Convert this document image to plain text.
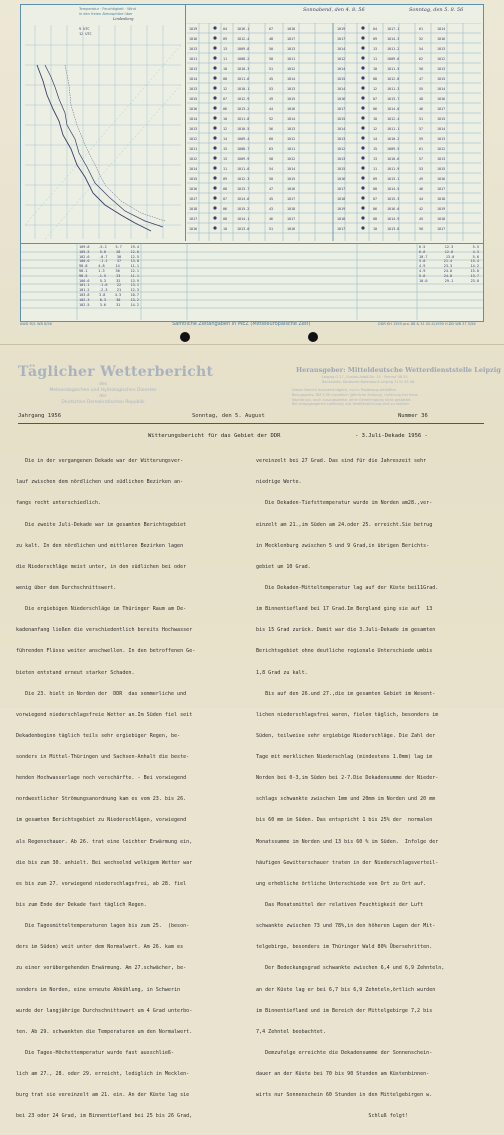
Temperatur · Feuchtigkeit · Wind
in den freien Atmosphäre über
Lindenberg
9 UTC
12 UTC
Sonnabend, den 4. 8. 56	Sonntag, den 5. 8. 56
1019	04	1016.1	67	1018	1019	04	1017.1	61	1014
1016	09	1012.4	48	1017	1017	09	1014.3	52	1016
1013	13	1009.8	50	1013	1014	13	1011.2	54	1013
1011	11	1008.2	58	1011	1012	11	1009.6	62	1012
1013	10	1010.3	51	1012	1014	10	1011.5	50	1013
1014	08	1011.6	45	1014	1015	08	1012.8	47	1015
1013	12	1010.1	53	1013	1014	12	1011.3	55	1014
1015	07	1012.9	49	1015	1016	07	1013.7	48	1016
1016	06	1013.2	44	1016	1017	06	1014.0	46	1017
1014	10	1011.8	52	1014	1015	10	1012.4	51	1015
1013	12	1010.5	56	1013	1014	12	1011.1	57	1014
1012	14	1009.4	60	1012	1013	14	1010.2	59	1013
1011	15	1008.7	63	1011	1012	15	1009.5	61	1012
1012	13	1009.9	58	1012	1013	13	1010.6	57	1013
1014	11	1011.0	54	1014	1015	11	1011.9	53	1015
1015	09	1012.3	50	1015	1016	09	1013.1	49	1016
1016	08	1013.7	47	1016	1017	08	1014.5	46	1017
1017	07	1014.6	45	1017	1018	07	1015.3	44	1018
1018	06	1015.2	43	1018	1019	06	1016.0	42	1019
1017	08	1014.1	46	1017	1018	08	1014.9	45	1018
1016	10	1013.0	51	1016	1017	10	1013.8	50	1017
109.8	-5.2	5.7	19.4
105.5	5.0	28	12.0
102.6	-0.7	30	12.5
100.0	-1.1	37	13.8
98.8	4.8	14	11.1
98.1	1.3	30	12.1
98.5	-1.5	23	11.1
100.6	5.3	32	13.9
101.1	-1.6	22	13.1
101.2	-2.3	21	12.3
103.8	3.8	4.3	10.7
102.3	0.3	30	13.2
102.5	3.6	31	14.2
6.5	12.3	5.5
6.6	12.6	4.3
10.7	13.0	5.6
5.0	21.4	15.4
4.9	23.3	14.2
4.9	24.0	15.0
5.6	24.0	13.7
10.0	29.1	23.0
AWD M/1 WB 8/56	Sämtliche Zeitangaben in MEZ (Mitteleuropäische Zeit)	DDR KH 1559 pro. 88 & 31 00 A/1950 H.DD WB 37 5/56
Täglicher Wetterbericht
des
Meteorologischen und Hydrologischen Dienstes
der
Deutschen Demokratischen Republik
Herausgeber: Mitteldeutsche Wetterdienststelle Leipzig
Leipzig O 27, Gustav-Adolf-Str. 14 · Fernruf 48 53
Bankkonto: Deutsche Notenbank Leipzig 7131 35 08
Dieser Bericht erscheint täglich, nur in Postbezug erhältlich.
Bezugspreis: DM 5.50 monatlich (jährliche Zeitung), Lieferung frei Haus
Nachdruck, auch auszugsweise, ohne Genehmigung nicht gestattet.
Bei eingegangenen Lieferung und Veröffentlichung sind zu melden
Jahrgang 1956	Sonntag, den 5. August	Nummer 36
Witterungsbericht für das Gebiet der DDR	- 3.Juli-Dekade 1956 -

Die in der vergangenen Dekade war der Witterungsver-

lauf zwischen dem nördlichen und südlichen Bezirken an-

fangs recht unterschiedlich.

Die zweite Juli-Dekade war im gesamten Berichtsgebiet

zu kalt. In den nördlichen und mittleren Bezirken lagen

die Niederschläge meist unter, in den südlichen bei oder

wenig über dem Durchschnittswert.

Die ergiebigen Niederschläge im Thüringer Raum am De-

kadenanfang ließen die verschiedentlich bereits Hochwasser

führenden Flüsse weiter anschwellen. In den betroffenen Ge-

bieten entstand erneut starker Schaden.

Die 23. hielt in Norden der  DDR  das sommerliche und

vorwiegend niederschlagsfreie Wetter an.Im Süden fiel seit

Dekadenbeginn täglich teils sehr ergiebiger Regen, be-

sonders in Mittel-Thüringen und Sachsen-Anhalt die beste-

henden Hochwasserlage noch verschärfte. - Bei vorwiegend

nordwestlicher Strömungsanordnung kam es vom 23. bis 26.

im gesamten Berichtsgebiet zu Niederschlägen, vorwiegend

als Regenschauer. Ab 26. trat eine leichter Erwärmung ein,

die bis zum 30. anhielt. Bei wechselnd wolkigem Wetter war

es bis zum 27. vorwiegend niederschlagsfrei, ab 28. fiel

bis zum Ende der Dekade fast täglich Regen.

Die Tagesmitteltemperaturen lagen bis zum 25.  (beson-

ders im Süden) weit unter dem Normalwert. Am 26. kam es

zu einer vorübergehenden Erwärmung. Am 27.schwächer, be-

sonders im Norden, eine erneute Abkühlung, in Schwerin

wurde der langjährige Durchschnittswert um 4 Grad unterbo-

ten. Ab 29. schwankten die Temperaturen um den Normalwert.

Die Tages-Höchsttemperatur wurde fast ausschließ-

lich am 27., 28. oder 29. erreicht, lediglich in Mecklen-

burg trat sie vereinzelt am 21. ein. An der Küste lag sie

bei 23 oder 24 Grad, im Binnentiefland bei 25 bis 26 Grad,

vereinzelt bei 27 Grad. Das sind für die Jahreszeit sehr

niedrige Werte.

Die Dekaden-Tiefsttemperatur wurde im Norden am28.,ver-

einzelt am 21.,im Süden am 24.oder 25. erreicht.Sie betrug

in Mecklenburg zwischen 5 und 9 Grad,in übrigen Berichts-

gebiet um 10 Grad.

Die Dekaden-Mitteltemperatur lag auf der Küste bei11Grad.

im Binnentiefland bei 17 Grad.Im Bergland ging sie auf  13

bis 15 Grad zurück. Damit war die 3.Juli-Dekade im gesamten

Berichtsgebiet ohne deutliche regionale Unterschiede umbis

1,8 Grad zu kalt.

Bis auf den 26.und 27.,die im gesamten Gebiet im Wesent-

lichen niederschlagsfrei waren, fielen täglich, besonders im

Süden, teilweise sehr ergiebige Niederschläge. Die Zahl der

Tage mit merklichen Niederschlag (mindestens 1.0mm) lag im

Norden bei 0-3,im Süden bei 2-7.Die Dekadensumme der Nieder-

schlags schwankte zwischen 1mm und 20mm im Norden und 20 mm

bis 60 mm im Süden. Das entspricht 1 bis 25% der  normalen

Monatssumme im Norden und 13 bis 60 % im Süden.  Infolge der

häufigen Gewitterschauer traten in der Niederschlagsverteil-

ung erhebliche örtliche Unterschiede von Ort zu Ort auf.

Das Monatsmittel der relativen Feuchtigkeit der Luft

schwankte zwischen 73 und 78%,in den höheren Lagen der Mit-

telgebirge, besonders im Thüringer Wald 80% Übersehritten.

Der Bedeckungsgrad schwankte zwischen 6,4 und 6,9 Zehnteln,

an der Küste lag er bei 6,7 bis 6,9 Zehnteln,örtlich wurden

im Binnentiefland und im Bereich der Mittelgebirge 7,2 bis

7,4 Zehntel beobachtet.

Demzufolge erreichte die Dekadensumme der Sonnenschein-

dauer an der Küste bei 70 bis 90 Stunden am Küstenbinnen-

wirts nur Sonnenschein 60 Stunden in den Mittelgebirgen w.

Schluß folgt!
